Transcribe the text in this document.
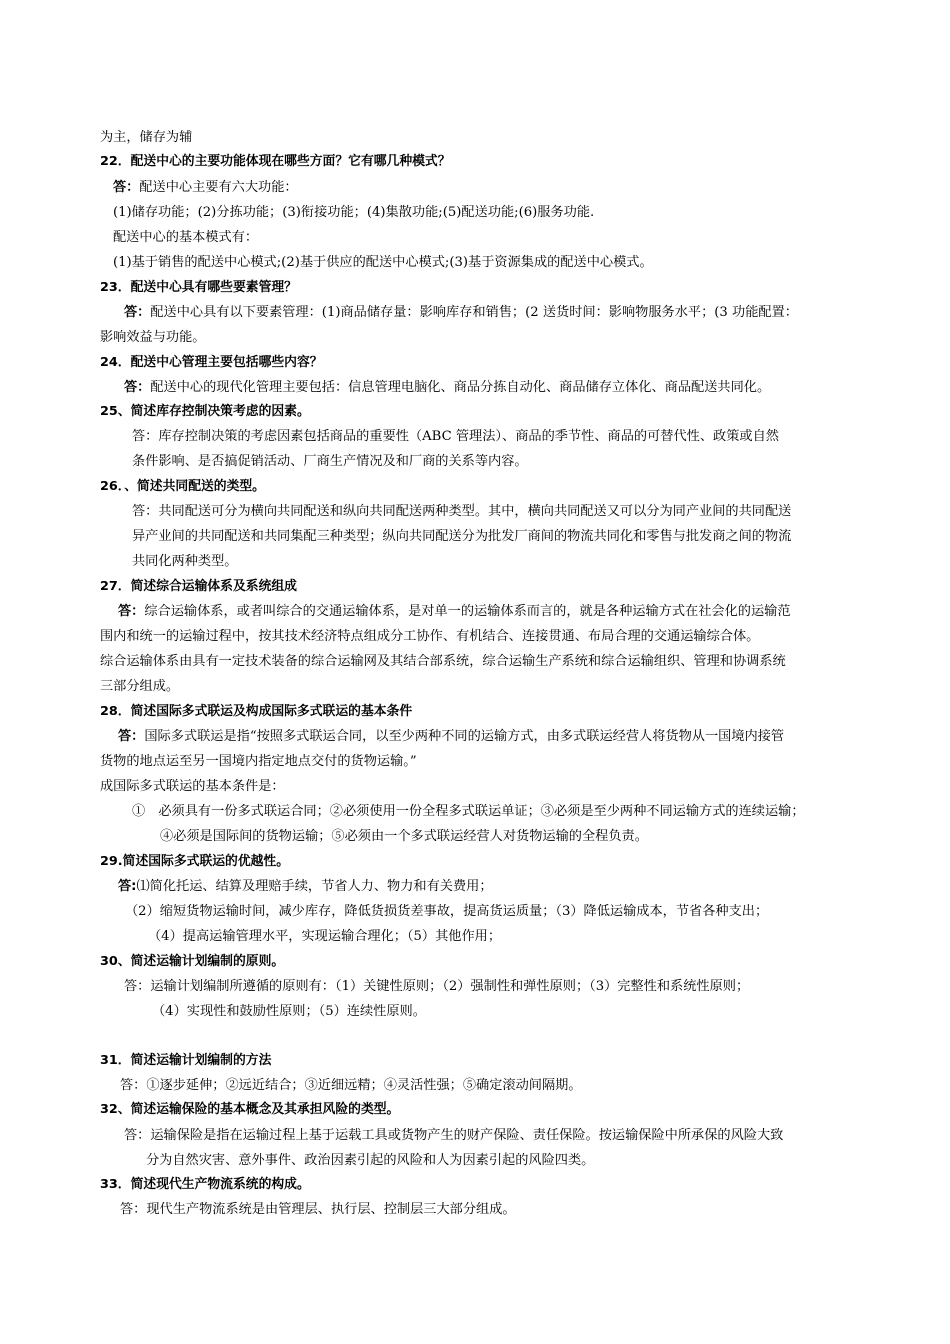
为主，储存为辅
22．配送中心的主要功能体现在哪些方面？它有哪几种模式？
答：配送中心主要有六大功能：
(1)储存功能；(2)分拣功能；(3)衔接功能；(4)集散功能;(5)配送功能;(6)服务功能.
配送中心的基本模式有：
(1)基于销售的配送中心模式;(2)基于供应的配送中心模式;(3)基于资源集成的配送中心模式。
23．配送中心具有哪些要素管理？
答：配送中心具有以下要素管理：(1)商品储存量：影响库存和销售；(2 送货时间：影响物服务水平；(3 功能配置：
影响效益与功能。
24．配送中心管理主要包括哪些内容？
答：配送中心的现代化管理主要包括：信息管理电脑化、商品分拣自动化、商品储存立体化、商品配送共同化。
25、简述库存控制决策考虑的因素。
答：库存控制决策的考虑因素包括商品的重要性（ABC 管理法）、商品的季节性、商品的可替代性、政策或自然
条件影响、是否搞促销活动、厂商生产情况及和厂商的关系等内容。
26．、简述共同配送的类型。
答：共同配送可分为横向共同配送和纵向共同配送两种类型。其中，横向共同配送又可以分为同产业间的共同配送
异产业间的共同配送和共同集配三种类型；纵向共同配送分为批发厂商间的物流共同化和零售与批发商之间的物流
共同化两种类型。
27．简述综合运输体系及系统组成
答：综合运输体系，或者叫综合的交通运输体系，是对单一的运输体系而言的，就是各种运输方式在社会化的运输范
围内和统一的运输过程中，按其技术经济特点组成分工协作、有机结合、连接贯通、布局合理的交通运输综合体。
综合运输体系由具有一定技术装备的综合运输网及其结合部系统，综合运输生产系统和综合运输组织、管理和协调系统
三部分组成。
28．简述国际多式联运及构成国际多式联运的基本条件
答：国际多式联运是指“按照多式联运合同，以至少两种不同的运输方式，由多式联运经营人将货物从一国境内接管
货物的地点运至另一国境内指定地点交付的货物运输。”
成国际多式联运的基本条件是：
①　必须具有一份多式联运合同；②必须使用一份全程多式联运单证；③必须是至少两种不同运输方式的连续运输；
④必须是国际间的货物运输；⑤必须由一个多式联运经营人对货物运输的全程负责。
29.简述国际多式联运的优越性。
答:⑴简化托运、结算及理赔手续，节省人力、物力和有关费用；
（2）缩短货物运输时间，减少库存，降低货损货差事故，提高货运质量；（3）降低运输成本，节省各种支出；
（4）提高运输管理水平，实现运输合理化；（5）其他作用；
30、简述运输计划编制的原则。
答：运输计划编制所遵循的原则有：（1）关键性原则；（2）强制性和弹性原则；（3）完整性和系统性原则；
（4）实现性和鼓励性原则；（5）连续性原则。
31．简述运输计划编制的方法
答：①逐步延伸；②远近结合；③近细远精；④灵活性强；⑤确定滚动间隔期。
32、简述运输保险的基本概念及其承担风险的类型。
答：运输保险是指在运输过程上基于运载工具或货物产生的财产保险、责任保险。按运输保险中所承保的风险大致
分为自然灾害、意外事件、政治因素引起的风险和人为因素引起的风险四类。
33．简述现代生产物流系统的构成。
答：现代生产物流系统是由管理层、执行层、控制层三大部分组成。
